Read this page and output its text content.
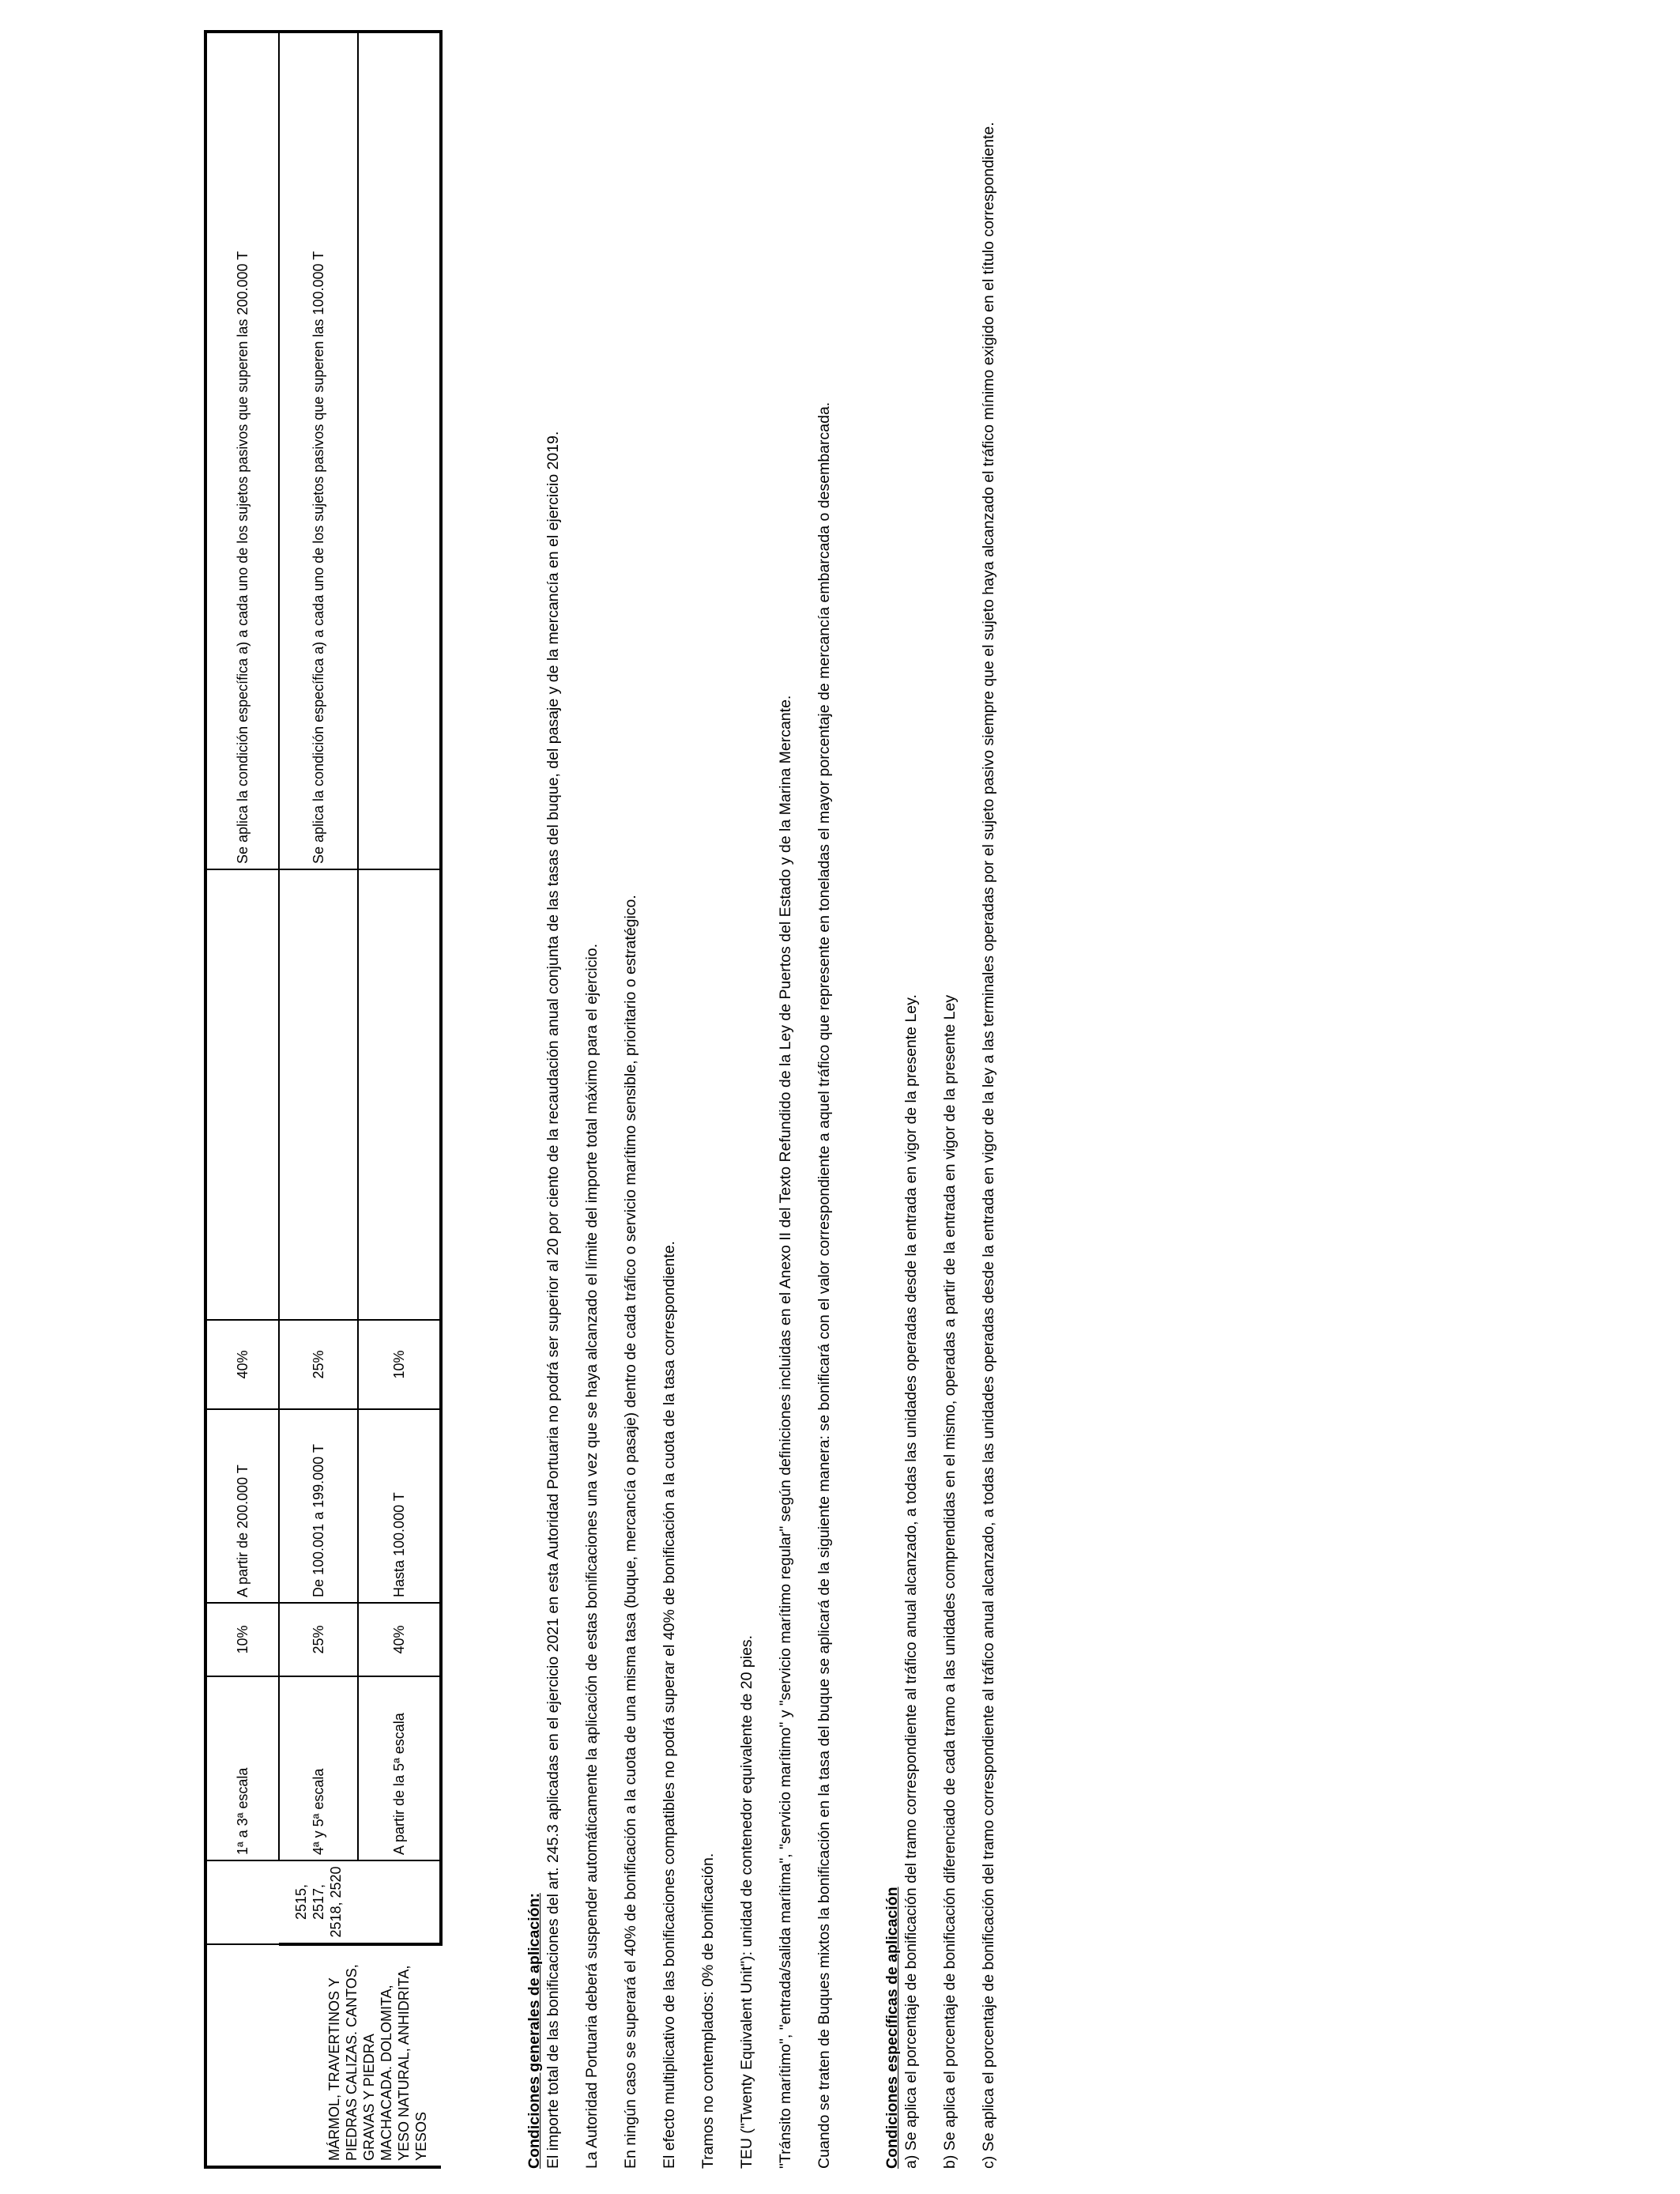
MÁRMOL, TRAVERTINOS Y PIEDRAS CALIZAS. CANTOS, GRAVAS Y PIEDRA MACHACADA. DOLOMITA, YESO NATURAL, ANHIDRITA, YESOS		1ª a 3ª escala	10%	A partir de 200.000 T	40%		Se aplica la condición específica a) a cada uno de los sujetos pasivos que superen las 200.000 T
	2515, 2517, 2518, 2520	4ª y 5ª escala	25%	De 100.001 a 199.000 T	25%		Se aplica la condición específica a) a cada uno de los sujetos pasivos que superen las 100.000 T
		A partir de la 5ª escala	40%	Hasta 100.000 T	10%		

Condiciones generales de aplicación: El importe total de las bonificaciones del art. 245.3 aplicadas en el ejercicio 2021 en esta Autoridad Portuaria no podrá ser superior al 20 por ciento de la recaudación anual conjunta de las tasas del buque, del pasaje y de la mercancía en el ejercicio 2019. La Autoridad Portuaria deberá suspender automáticamente la aplicación de estas bonificaciones una vez que se haya alcanzado el límite del importe total máximo para el ejercicio. En ningún caso se superará el 40% de bonificación a la cuota de una misma tasa (buque, mercancía o pasaje) dentro de cada tráfico o servicio marítimo sensible, prioritario o estratégico. El efecto multiplicativo de las bonificaciones compatibles no podrá superar el 40% de bonificación a la cuota de la tasa correspondiente. Tramos no contemplados: 0% de bonificación. TEU ("Twenty Equivalent Unit"): unidad de contenedor equivalente de 20 pies. "Tránsito marítimo", "entrada/salida marítima", "servicio marítimo" y "servicio marítimo regular" según definiciones incluidas en el Anexo II del Texto Refundido de la Ley de Puertos del Estado y de la Marina Mercante. Cuando se traten de Buques mixtos la bonificación en la tasa del buque se aplicará de la siguiente manera: se bonificará con el valor correspondiente a aquel tráfico que represente en toneladas el mayor porcentaje de mercancía embarcada o desembarcada.	Condiciones específicas de aplicación a) Se aplica el porcentaje de bonificación del tramo correspondiente al tráfico anual alcanzado, a todas las unidades operadas desde la entrada en vigor de la presente Ley. b) Se aplica el porcentaje de bonificación diferenciado de cada tramo a las unidades comprendidas en el mismo, operadas a partir de la entrada en vigor de la presente Ley c) Se aplica el porcentaje de bonificación del tramo correspondiente al tráfico anual alcanzado, a todas las unidades operadas desde la entrada en vigor de la ley a las terminales operadas por el sujeto pasivo siempre que el sujeto haya alcanzado el tráfico mínimo exigido en el título correspondiente.
